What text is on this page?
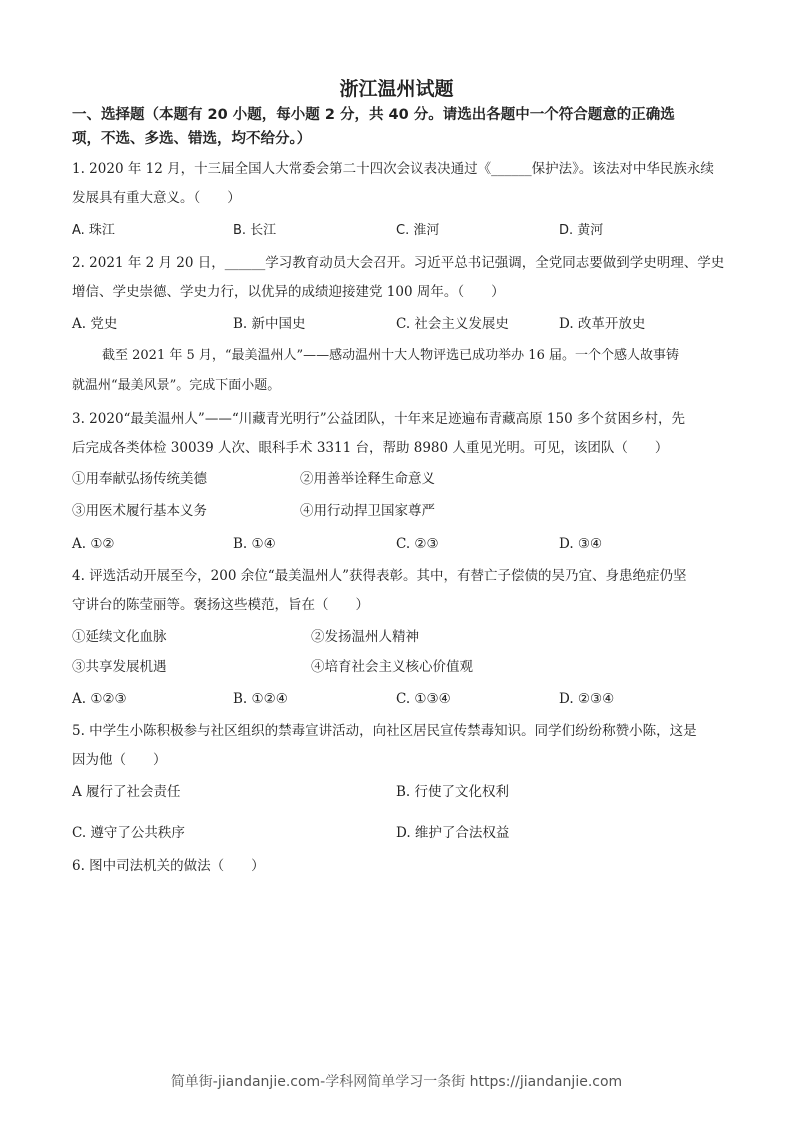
浙江温州试题
一、选择题（本题有 20 小题，每小题 2 分，共 40 分。请选出各题中一个符合题意的正确选
项，不选、多选、错选，均不给分。）
1. 2020 年 12 月，十三届全国人大常委会第二十四次会议表决通过《______保护法》。该法对中华民族永续
发展具有重大意义。（　　）
A. 珠江	B. 长江	C. 淮河	D. 黄河
2. 2021 年 2 月 20 日，______学习教育动员大会召开。习近平总书记强调，全党同志要做到学史明理、学史
增信、学史崇德、学史力行，以优异的成绩迎接建党 100 周年。（　　）
A. 党史	B. 新中国史	C. 社会主义发展史	D. 改革开放史
截至 2021 年 5 月，“最美温州人”——感动温州十大人物评选已成功举办 16 届。一个个感人故事铸
就温州“最美风景”。完成下面小题。
3. 2020“最美温州人”——“川藏青光明行”公益团队，十年来足迹遍布青藏高原 150 多个贫困乡村，先
后完成各类体检 30039 人次、眼科手术 3311 台，帮助 8980 人重见光明。可见，该团队（　　）
①用奉献弘扬传统美德	②用善举诠释生命意义
③用医术履行基本义务	④用行动捍卫国家尊严
A. ①②	B. ①④	C. ②③	D. ③④
4. 评选活动开展至今，200 余位“最美温州人”获得表彰。其中，有替亡子偿债的吴乃宜、身患绝症仍坚
守讲台的陈莹丽等。褒扬这些模范，旨在（　　）
①延续文化血脉	②发扬温州人精神
③共享发展机遇	④培育社会主义核心价值观
A. ①②③	B. ①②④	C. ①③④	D. ②③④
5. 中学生小陈积极参与社区组织的禁毒宣讲活动，向社区居民宣传禁毒知识。同学们纷纷称赞小陈，这是
因为他（　　）
A 履行了社会责任	B. 行使了文化权利
C. 遵守了公共秩序	D. 维护了合法权益
6. 图中司法机关的做法（　　）
简单街-jiandanjie.com-学科网简单学习一条街 https://jiandanjie.com
